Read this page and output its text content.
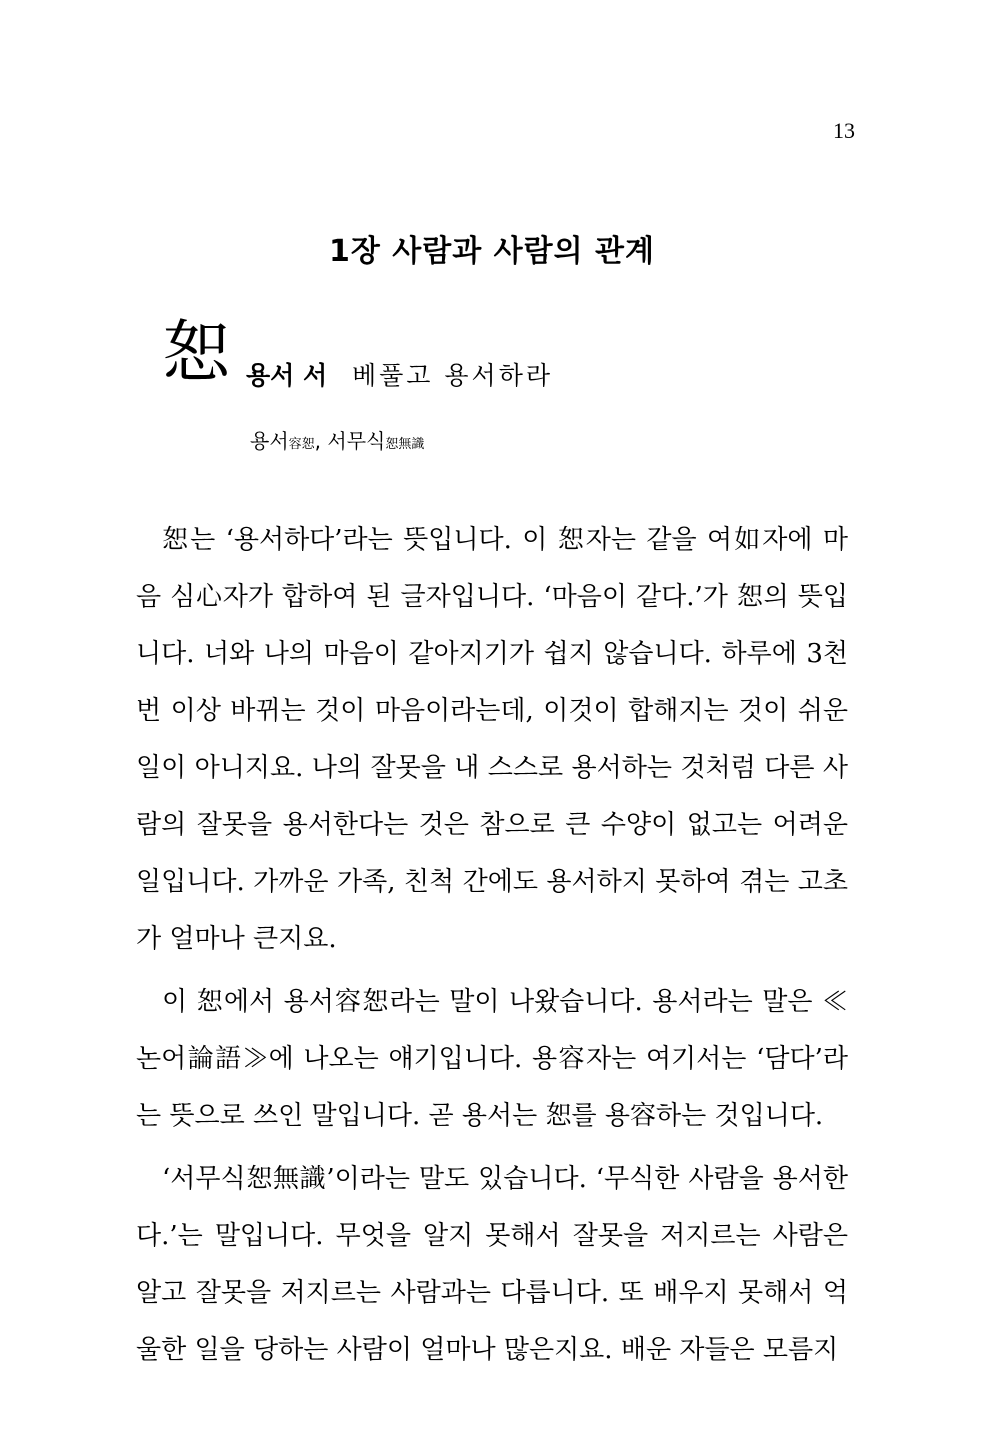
13
1장 사람과 사람의 관계
恕 용서 서 베풀고 용서하라
용서容恕, 서무식恕無識

恕는 ‘용서하다’라는 뜻입니다. 이 恕자는 같을 여如자에 마음 심心자가 합하여 된 글자입니다. ‘마음이 같다.’가 恕의 뜻입니다. 너와 나의 마음이 같아지기가 쉽지 않습니다. 하루에 3천 번 이상 바뀌는 것이 마음이라는데, 이것이 합해지는 것이 쉬운 일이 아니지요. 나의 잘못을 내 스스로 용서하는 것처럼 다른 사람의 잘못을 용서한다는 것은 참으로 큰 수양이 없고는 어려운 일입니다. 가까운 가족, 친척 간에도 용서하지 못하여 겪는 고초가 얼마나 큰지요.

이 恕에서 용서容恕라는 말이 나왔습니다. 용서라는 말은 ≪논어論語≫에 나오는 얘기입니다. 용容자는 여기서는 ‘담다’라는 뜻으로 쓰인 말입니다. 곧 용서는 恕를 용容하는 것입니다.

‘서무식恕無識’이라는 말도 있습니다. ‘무식한 사람을 용서한다.’는 말입니다. 무엇을 알지 못해서 잘못을 저지르는 사람은 알고 잘못을 저지르는 사람과는 다릅니다. 또 배우지 못해서 억울한 일을 당하는 사람이 얼마나 많은지요. 배운 자들은 모름지
